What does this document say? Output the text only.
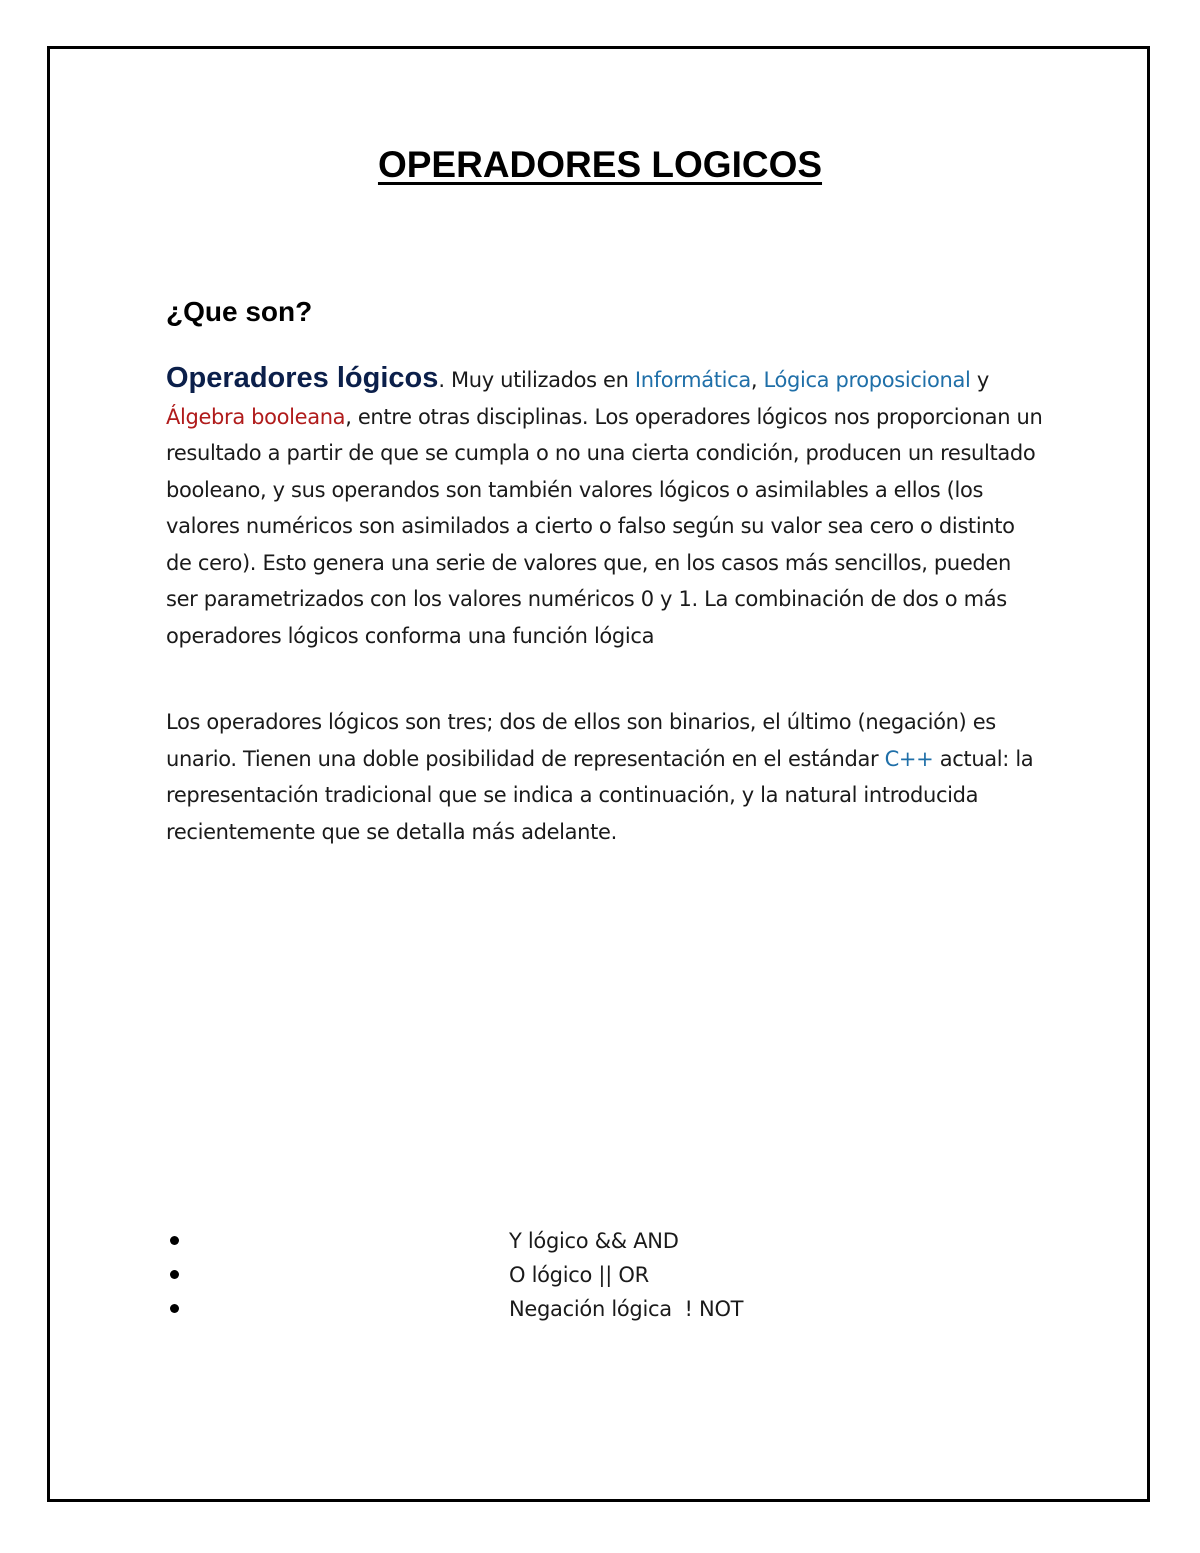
OPERADORES LOGICOS
¿Que son?

Operadores lógicos. Muy utilizados en Informática, Lógica proposicional y Álgebra booleana, entre otras disciplinas. Los operadores lógicos nos proporcionan un resultado a partir de que se cumpla o no una cierta condición, producen un resultado booleano, y sus operandos son también valores lógicos o asimilables a ellos (los valores numéricos son asimilados a cierto o falso según su valor sea cero o distinto de cero). Esto genera una serie de valores que, en los casos más sencillos, pueden ser parametrizados con los valores numéricos 0 y 1. La combinación de dos o más operadores lógicos conforma una función lógica

Los operadores lógicos son tres; dos de ellos son binarios, el último (negación) es unario. Tienen una doble posibilidad de representación en el estándar C++ actual: la representación tradicional que se indica a continuación, y la natural introducida recientemente que se detalla más adelante.

Y lógico && AND
O lógico || OR
Negación lógica  ! NOT
